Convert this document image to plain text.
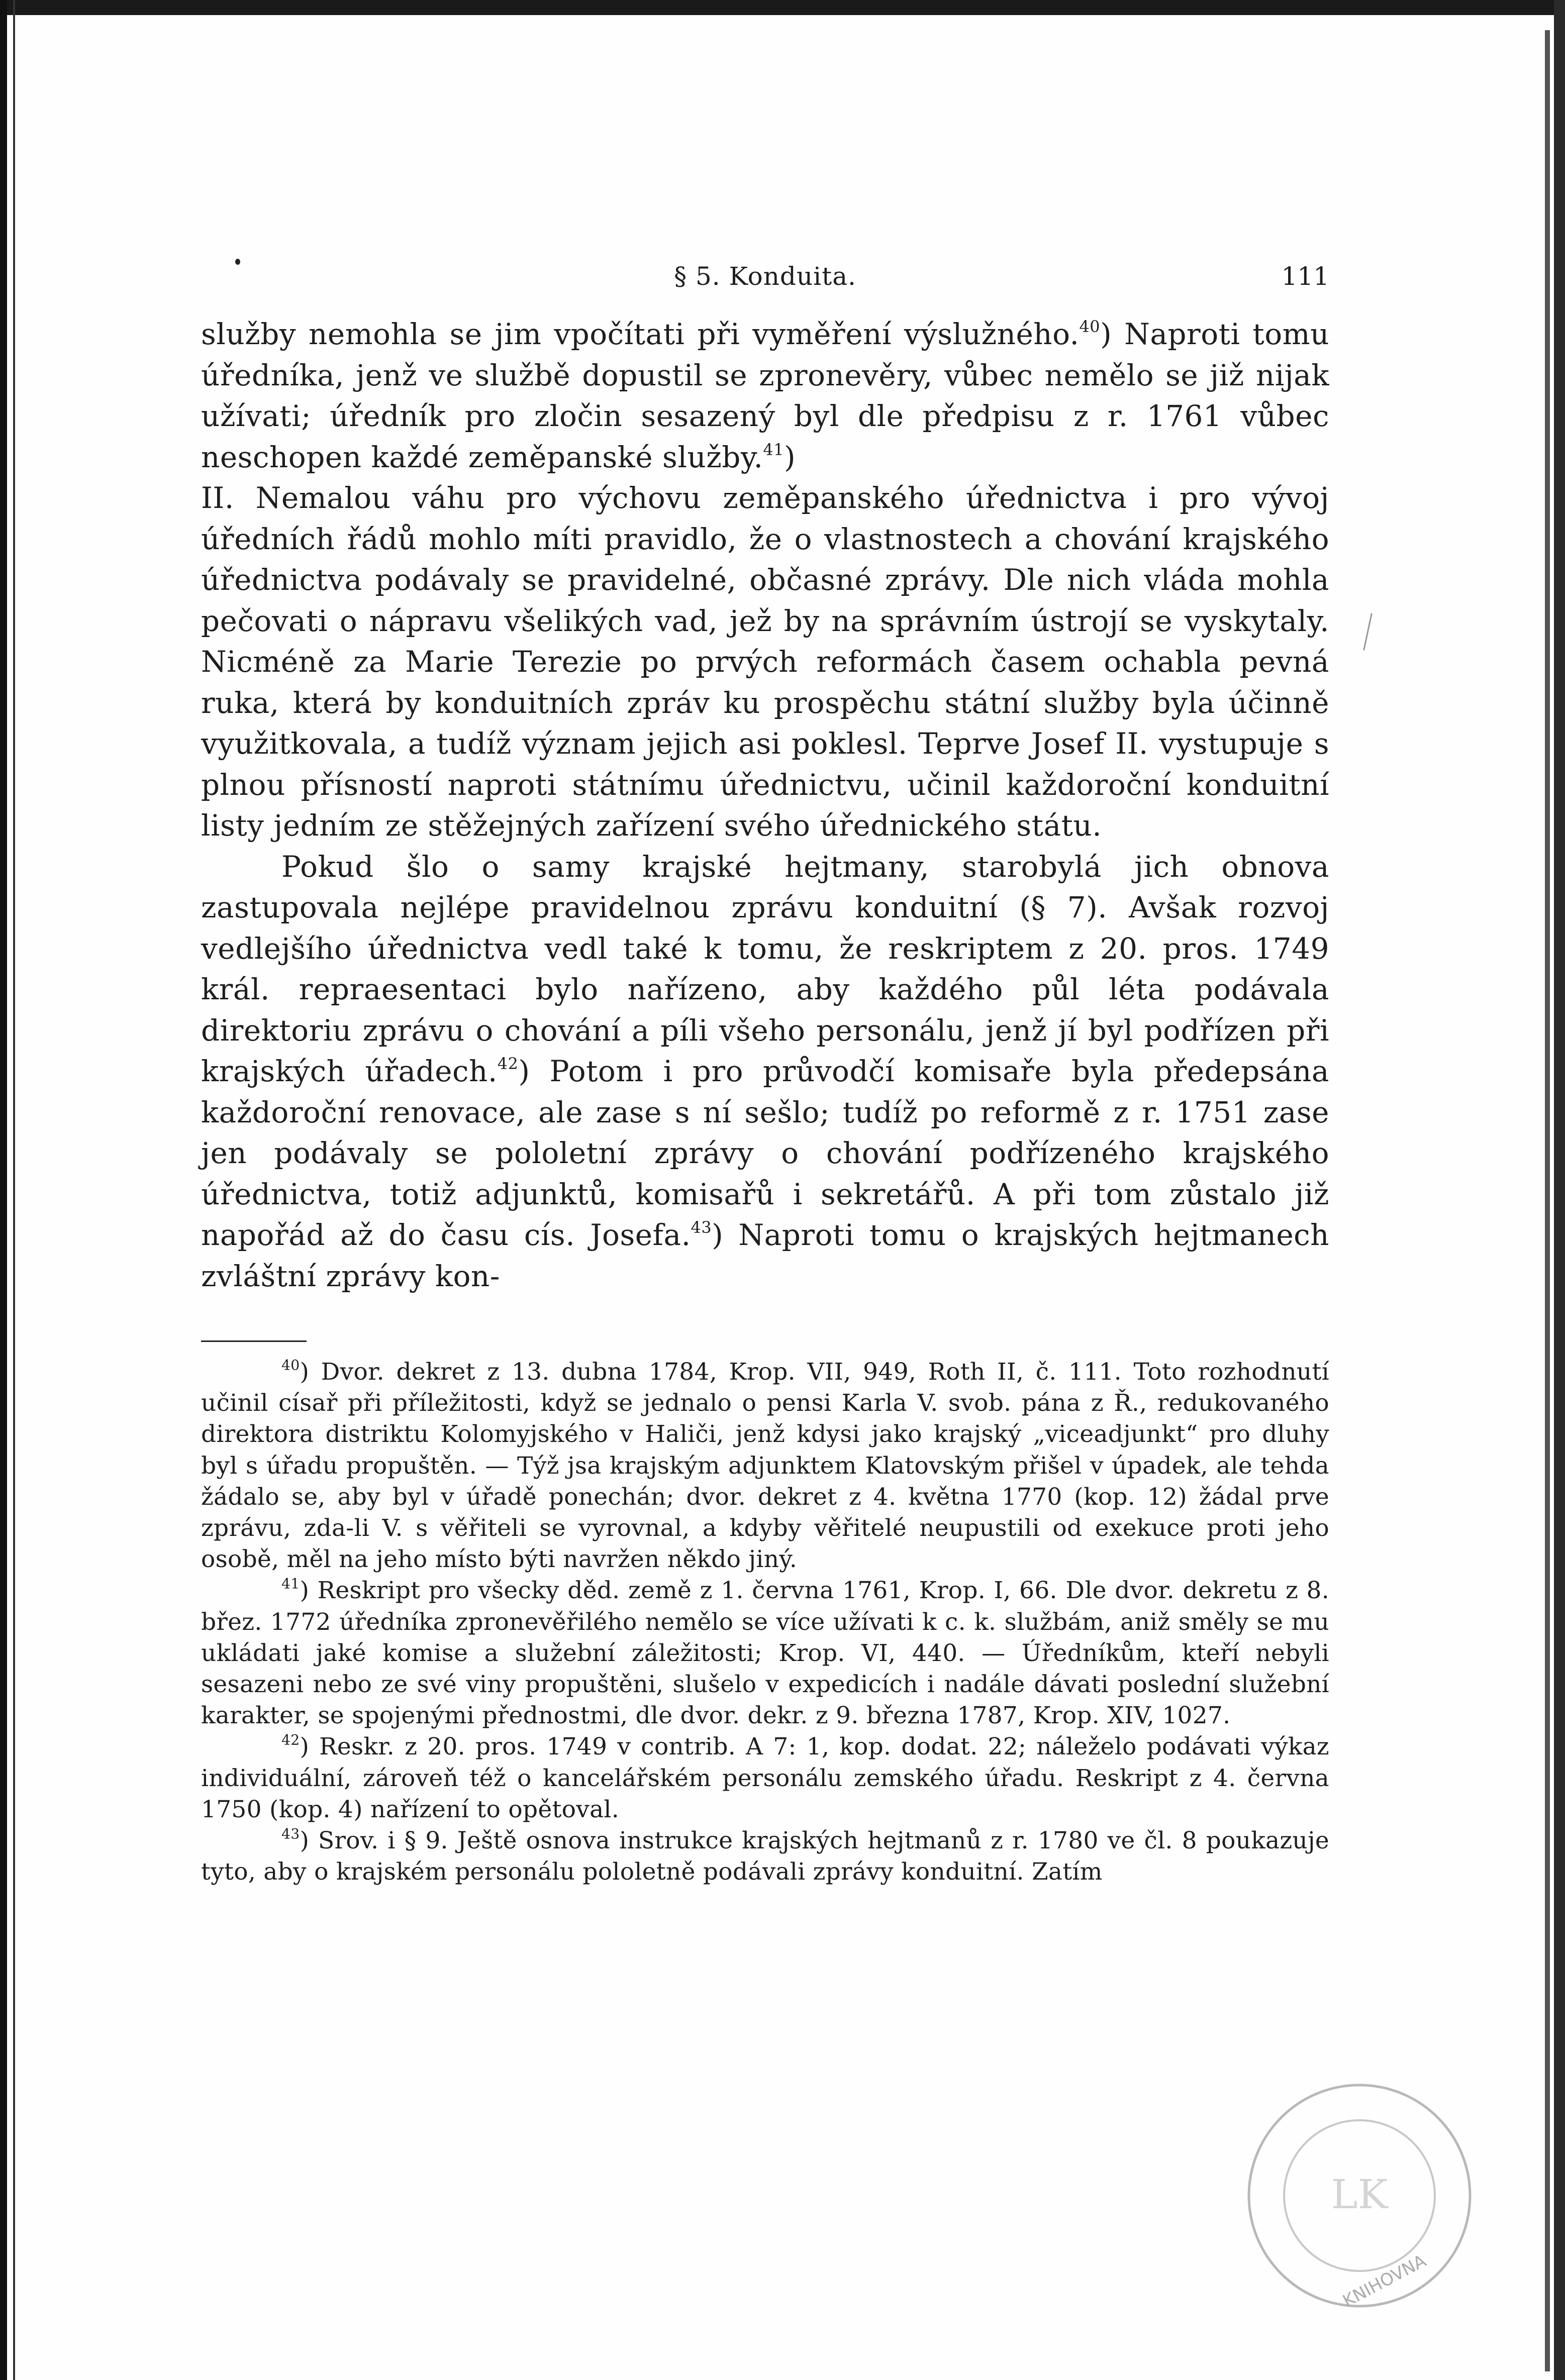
§ 5. Konduita.	111

služby nemohla se jim vpočítati při vyměření výslužného.$^{40}$) Naproti tomu úředníka, jenž ve službě dopustil se zpronevěry, vůbec nemělo se již nijak užívati; úředník pro zločin sesazený byl dle předpisu z r. 1761 vůbec neschopen každé zeměpanské služby.$^{41}$)

II. Nemalou váhu pro výchovu zeměpanského úřednictva i pro vývoj úředních řádů mohlo míti pravidlo, že o vlastnostech a chování krajského úřednictva podávaly se pravidelné, občasné zprávy. Dle nich vláda mohla pečovati o nápravu všelikých vad, jež by na správním ústrojí se vyskytaly. Nicméně za Marie Terezie po prvých reformách časem ochabla pevná ruka, která by konduitních zpráv ku prospěchu státní služby byla účinně využitkovala, a tudíž význam jejich asi poklesl. Teprve Josef II. vystupuje s plnou přísností naproti státnímu úřednictvu, učinil každoroční konduitní listy jedním ze stěžejných zařízení svého úřednického státu.

Pokud šlo o samy krajské hejtmany, starobylá jich obnova zastupovala nejlépe pravidelnou zprávu konduitní (§ 7). Avšak rozvoj vedlejšího úřednictva vedl také k tomu, že reskriptem z 20. pros. 1749 král. repraesentaci bylo nařízeno, aby každého půl léta podávala direktoriu zprávu o chování a píli všeho personálu, jenž jí byl podřízen při krajských úřadech.$^{42}$) Potom i pro průvodčí komisaře byla předepsána každoroční renovace, ale zase s ní sešlo; tudíž po reformě z r. 1751 zase jen podávaly se pololetní zprávy o chování podřízeného krajského úřednictva, totiž adjunktů, komisařů i sekretářů. A při tom zůstalo již napořád až do času cís. Josefa.$^{43}$) Naproti tomu o krajských hejtmanech zvláštní zprávy kon-

$^{40}$) Dvor. dekret z 13. dubna 1784, Krop. VII, 949, Roth II, č. 111. Toto rozhodnutí učinil císař při příležitosti, když se jednalo o pensi Karla V. svob. pána z Ř., redukovaného direktora distriktu Kolomyjského v Haliči, jenž kdysi jako krajský „viceadjunkt“ pro dluhy byl s úřadu propuštěn. — Týž jsa krajským adjunktem Klatovským přišel v úpadek, ale tehda žádalo se, aby byl v úřadě ponechán; dvor. dekret z 4. května 1770 (kop. 12) žádal prve zprávu, zda-li V. s věřiteli se vyrovnal, a kdyby věřitelé neupustili od exekuce proti jeho osobě, měl na jeho místo býti navržen někdo jiný.

$^{41}$) Reskript pro všecky děd. země z 1. června 1761, Krop. I, 66. Dle dvor. dekretu z 8. břez. 1772 úředníka zpronevěřilého nemělo se více užívati k c. k. službám, aniž směly se mu ukládati jaké komise a služební záležitosti; Krop. VI, 440. — Úředníkům, kteří nebyli sesazeni nebo ze své viny propuštěni, slušelo v expedicích i nadále dávati poslední služební karakter, se spojenými přednostmi, dle dvor. dekr. z 9. března 1787, Krop. XIV, 1027.

$^{42}$) Reskr. z 20. pros. 1749 v contrib. A 7: 1, kop. dodat. 22; náleželo podávati výkaz individuální, zároveň též o kancelářském personálu zemského úřadu. Reskript z 4. června 1750 (kop. 4) nařízení to opětoval.

$^{43}$) Srov. i § 9. Ještě osnova instrukce krajských hejtmanů z r. 1780 ve čl. 8 poukazuje tyto, aby o krajském personálu pololetně podávali zprávy konduitní. Zatím

LK
KNIHOVNA
